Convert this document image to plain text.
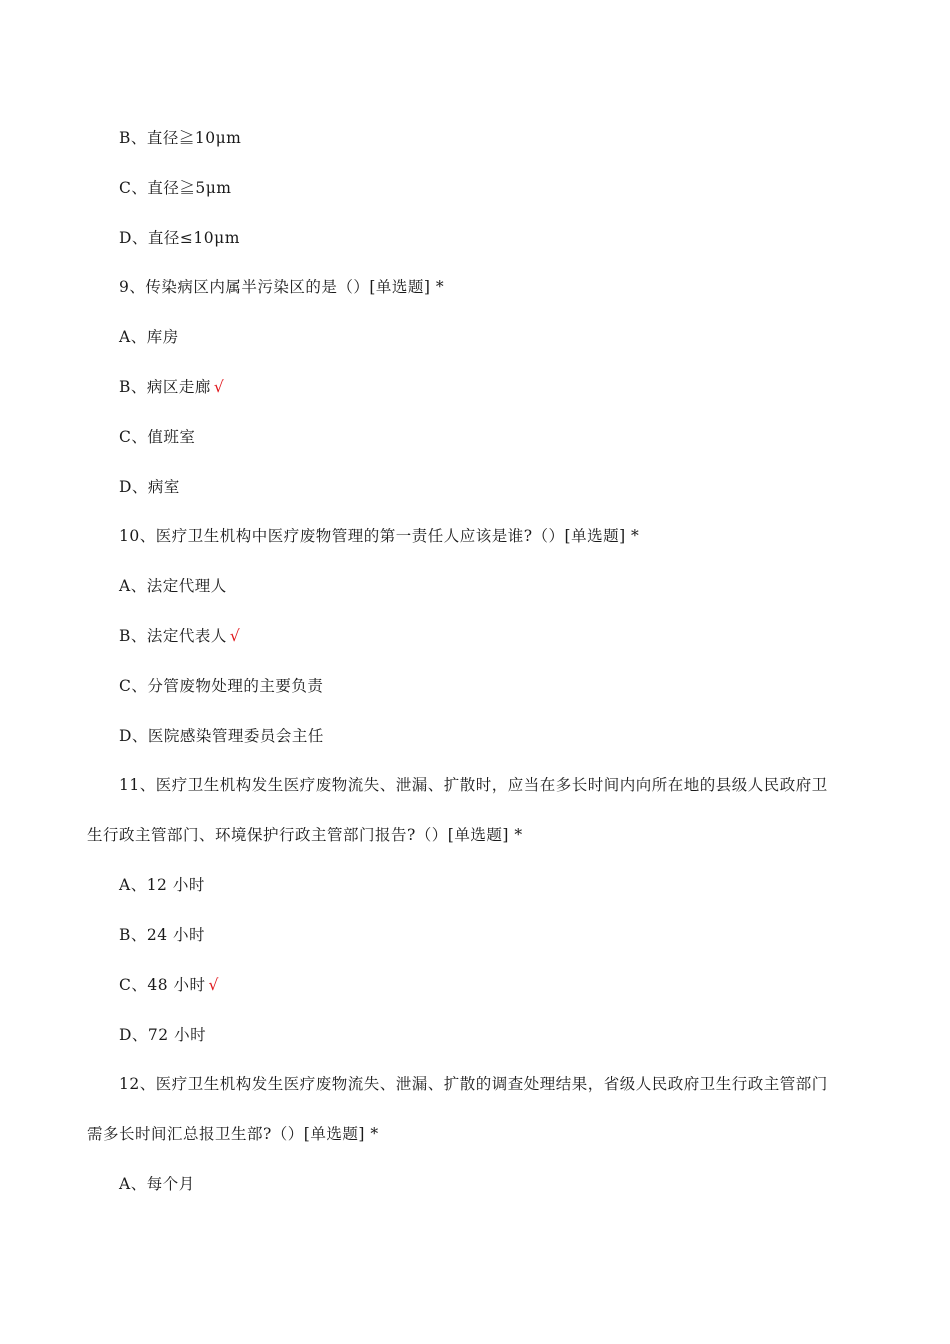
B、直径≧10μm
C、直径≧5μm
D、直径≤10μm
9、传染病区内属半污染区的是（）[单选题] *
A、库房
B、病区走廊 √
C、值班室
D、病室
10、医疗卫生机构中医疗废物管理的第一责任人应该是谁?（）[单选题] *
A、法定代理人
B、法定代表人 √
C、分管废物处理的主要负责
D、医院感染管理委员会主任
11、医疗卫生机构发生医疗废物流失、泄漏、扩散时，应当在多长时间内向所在地的县级人民政府卫
生行政主管部门、环境保护行政主管部门报告?（）[单选题] *
A、12 小时
B、24 小时
C、48 小时 √
D、72 小时
12、医疗卫生机构发生医疗废物流失、泄漏、扩散的调查处理结果，省级人民政府卫生行政主管部门
需多长时间汇总报卫生部?（）[单选题] *
A、每个月
